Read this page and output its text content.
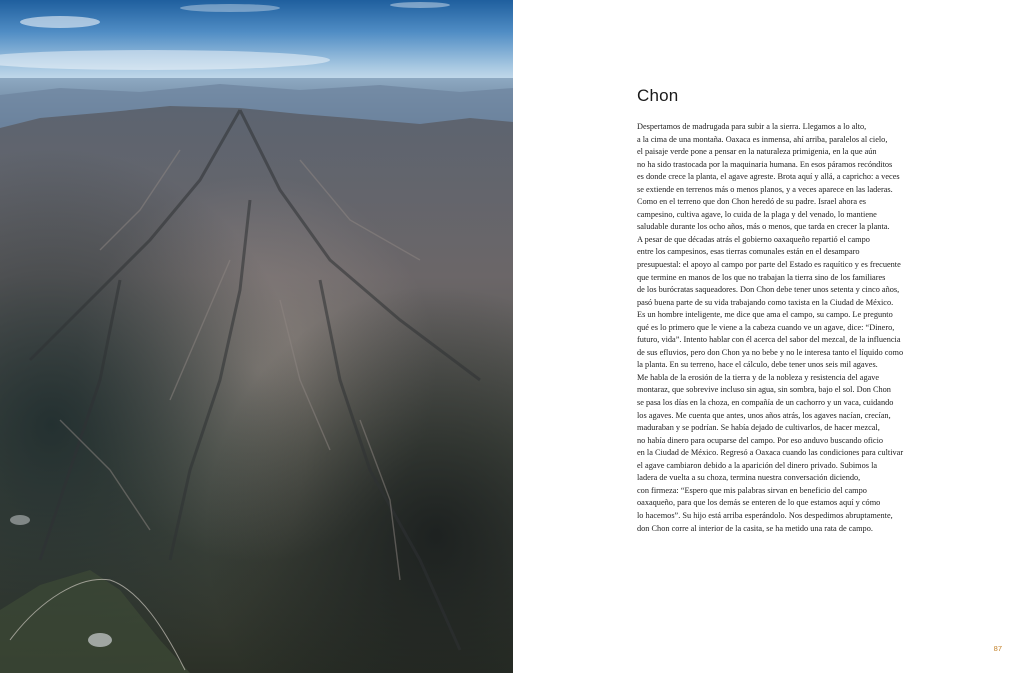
Chon
Despertamos de madrugada para subir a la sierra. Llegamos a lo alto,
a la cima de una montaña. Oaxaca es inmensa, ahí arriba, paralelos al cielo,
el paisaje verde pone a pensar en la naturaleza primigenia, en la que aún
no ha sido trastocada por la maquinaria humana. En esos páramos recónditos
es donde crece la planta, el agave agreste. Brota aquí y allá, a capricho: a veces
se extiende en terrenos más o menos planos, y a veces aparece en las laderas.
Como en el terreno que don Chon heredó de su padre. Israel ahora es
campesino, cultiva agave, lo cuida de la plaga y del venado, lo mantiene
saludable durante los ocho años, más o menos, que tarda en crecer la planta.
A pesar de que décadas atrás el gobierno oaxaqueño repartió el campo
entre los campesinos, esas tierras comunales están en el desamparo
presupuestal: el apoyo al campo por parte del Estado es raquítico y es frecuente
que termine en manos de los que no trabajan la tierra sino de los familiares
de los burócratas saqueadores. Don Chon debe tener unos setenta y cinco años,
pasó buena parte de su vida trabajando como taxista en la Ciudad de México.
Es un hombre inteligente, me dice que ama el campo, su campo. Le pregunto
qué es lo primero que le viene a la cabeza cuando ve un agave, dice: “Dinero,
futuro, vida”. Intento hablar con él acerca del sabor del mezcal, de la influencia
de sus efluvios, pero don Chon ya no bebe y no le interesa tanto el líquido como
la planta. En su terreno, hace el cálculo, debe tener unos seis mil agaves.
Me habla de la erosión de la tierra y de la nobleza y resistencia del agave
montaraz, que sobrevive incluso sin agua, sin sombra, bajo el sol. Don Chon
se pasa los días en la choza, en compañía de un cachorro y un vaca, cuidando
los agaves. Me cuenta que antes, unos años atrás, los agaves nacían, crecían,
maduraban y se podrían. Se había dejado de cultivarlos, de hacer mezcal,
no había dinero para ocuparse del campo. Por eso anduvo buscando oficio
en la Ciudad de México. Regresó a Oaxaca cuando las condiciones para cultivar
el agave cambiaron debido a la aparición del dinero privado. Subimos la
ladera de vuelta a su choza, termina nuestra conversación diciendo,
con firmeza: “Espero que mis palabras sirvan en beneficio del campo
oaxaqueño, para que los demás se enteren de lo que estamos aquí y cómo
lo hacemos”. Su hijo está arriba esperándolo. Nos despedimos abruptamente,
don Chon corre al interior de la casita, se ha metido una rata de campo.
87
